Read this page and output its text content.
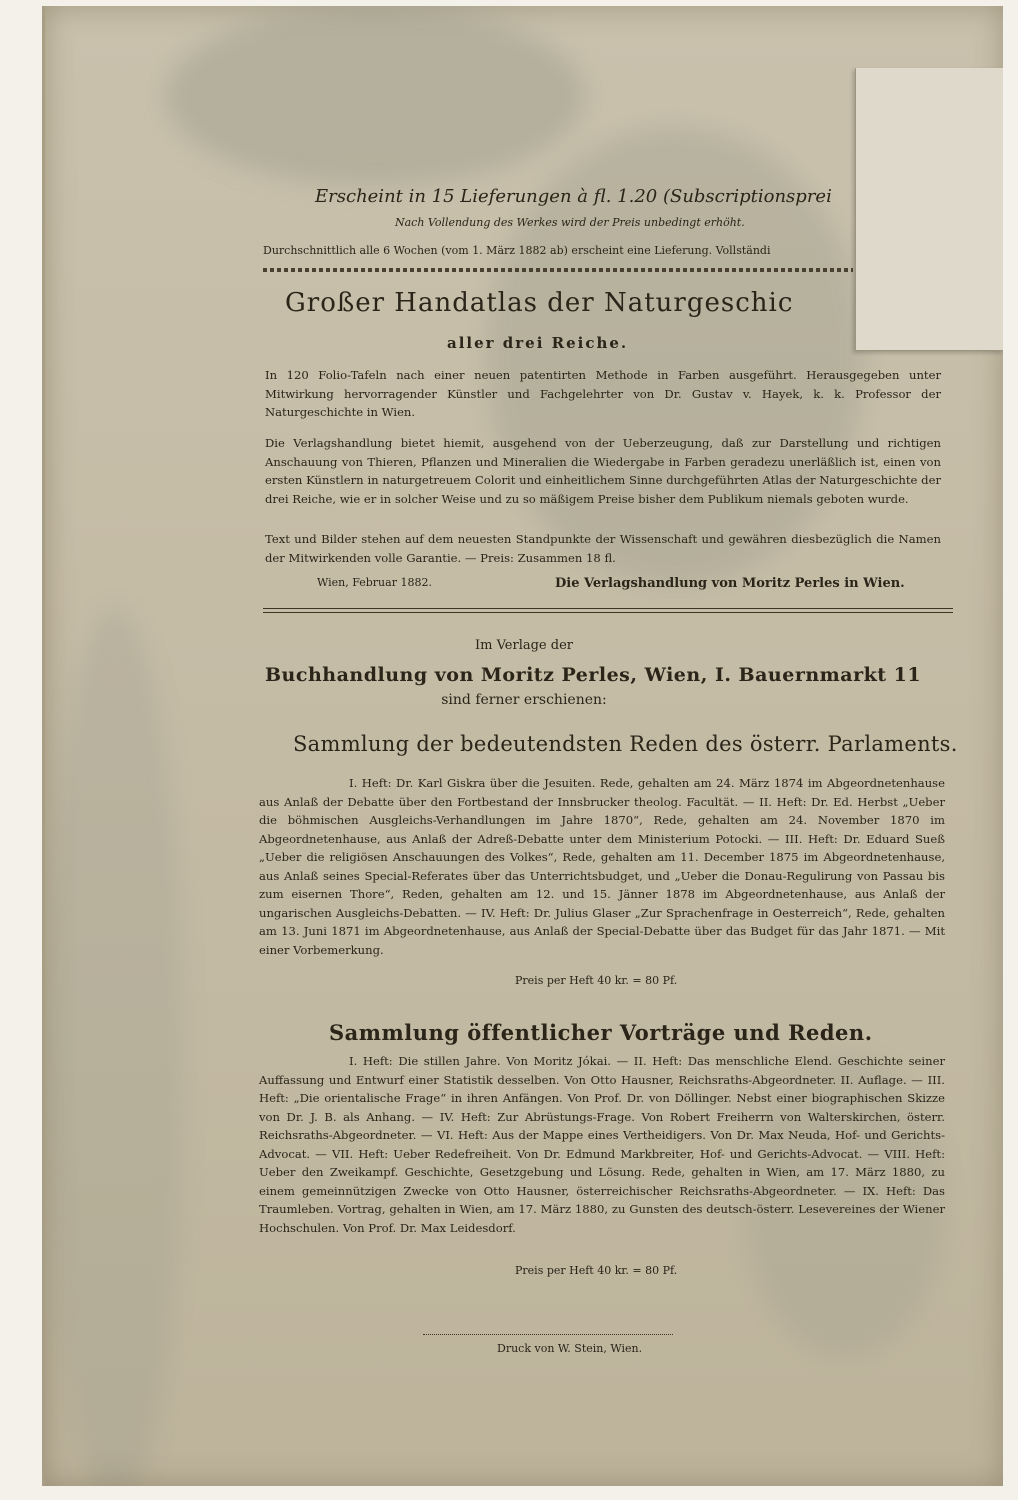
Erscheint in 15 Lieferungen à fl. 1.20 (Subscriptionsprei
Nach Vollendung des Werkes wird der Preis unbedingt erhöht.
Durchschnittlich alle 6 Wochen (vom 1. März 1882 ab) erscheint eine Lieferung. Vollständi
Großer Handatlas der Naturgeschic
aller drei Reiche.
In 120 Folio-Tafeln nach einer neuen patentirten Methode in Farben ausgeführt. Herausgegeben unter Mitwirkung hervorragender Künstler und Fachgelehrter von Dr. Gustav v. Hayek, k. k. Professor der Naturgeschichte in Wien.
Die Verlagshandlung bietet hiemit, ausgehend von der Ueberzeugung, daß zur Darstellung und richtigen Anschauung von Thieren, Pflanzen und Mineralien die Wiedergabe in Farben geradezu unerläßlich ist, einen von ersten Künstlern in naturgetreuem Colorit und einheitlichem Sinne durchgeführten Atlas der Naturgeschichte der drei Reiche, wie er in solcher Weise und zu so mäßigem Preise bisher dem Publikum niemals geboten wurde.
Text und Bilder stehen auf dem neuesten Standpunkte der Wissenschaft und gewähren diesbezüglich die Namen der Mitwirkenden volle Garantie. — Preis: Zusammen 18 fl.
Wien, Februar 1882.	Die Verlagshandlung von Moritz Perles in Wien.
Im Verlage der
Buchhandlung von Moritz Perles, Wien, I. Bauernmarkt 11
sind ferner erschienen:
Sammlung der bedeutendsten Reden des österr. Parlaments.
I. Heft: Dr. Karl Giskra über die Jesuiten. Rede, gehalten am 24. März 1874 im Abgeordnetenhause aus Anlaß der Debatte über den Fortbestand der Innsbrucker theolog. Facultät. — II. Heft: Dr. Ed. Herbst „Ueber die böhmischen Ausgleichs-Verhandlungen im Jahre 1870“, Rede, gehalten am 24. November 1870 im Abgeordnetenhause, aus Anlaß der Adreß-Debatte unter dem Ministerium Potocki. — III. Heft: Dr. Eduard Sueß „Ueber die religiösen Anschauungen des Volkes“, Rede, gehalten am 11. December 1875 im Abgeordnetenhause, aus Anlaß seines Special-Referates über das Unterrichtsbudget, und „Ueber die Donau-Regulirung von Passau bis zum eisernen Thore“, Reden, gehalten am 12. und 15. Jänner 1878 im Abgeordnetenhause, aus Anlaß der ungarischen Ausgleichs-Debatten. — IV. Heft: Dr. Julius Glaser „Zur Sprachenfrage in Oesterreich“, Rede, gehalten am 13. Juni 1871 im Abgeordnetenhause, aus Anlaß der Special-Debatte über das Budget für das Jahr 1871. — Mit einer Vorbemerkung.
Preis per Heft 40 kr. = 80 Pf.
Sammlung öffentlicher Vorträge und Reden.
I. Heft: Die stillen Jahre. Von Moritz Jókai. — II. Heft: Das menschliche Elend. Geschichte seiner Auffassung und Entwurf einer Statistik desselben. Von Otto Hausner, Reichsraths-Abgeordneter. II. Auflage. — III. Heft: „Die orientalische Frage“ in ihren Anfängen. Von Prof. Dr. von Döllinger. Nebst einer biographischen Skizze von Dr. J. B. als Anhang. — IV. Heft: Zur Abrüstungs-Frage. Von Robert Freiherrn von Walterskirchen, österr. Reichsraths-Abgeordneter. — VI. Heft: Aus der Mappe eines Vertheidigers. Von Dr. Max Neuda, Hof- und Gerichts-Advocat. — VII. Heft: Ueber Redefreiheit. Von Dr. Edmund Markbreiter, Hof- und Gerichts-Advocat. — VIII. Heft: Ueber den Zweikampf. Geschichte, Gesetzgebung und Lösung. Rede, gehalten in Wien, am 17. März 1880, zu einem gemeinnützigen Zwecke von Otto Hausner, österreichischer Reichsraths-Abgeordneter. — IX. Heft: Das Traumleben. Vortrag, gehalten in Wien, am 17. März 1880, zu Gunsten des deutsch-österr. Lesevereines der Wiener Hochschulen. Von Prof. Dr. Max Leidesdorf.
Preis per Heft 40 kr. = 80 Pf.
Druck von W. Stein, Wien.
